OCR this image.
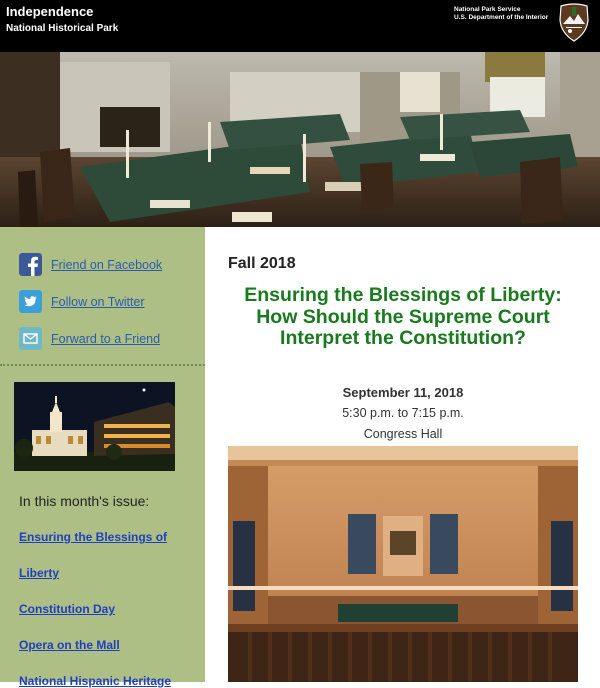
Independence
National Historical Park
National Park Service
U.S. Department of the Interior
Friend on Facebook
Follow on Twitter
Forward to a Friend
In this month's issue:
Ensuring the Blessings of
Liberty
Constitution Day
Opera on the Mall
National Hispanic Heritage
Fall 2018
Ensuring the Blessings of Liberty: How Should the Supreme Court Interpret the Constitution?
September 11, 2018
5:30 p.m. to 7:15 p.m.
Congress Hall
